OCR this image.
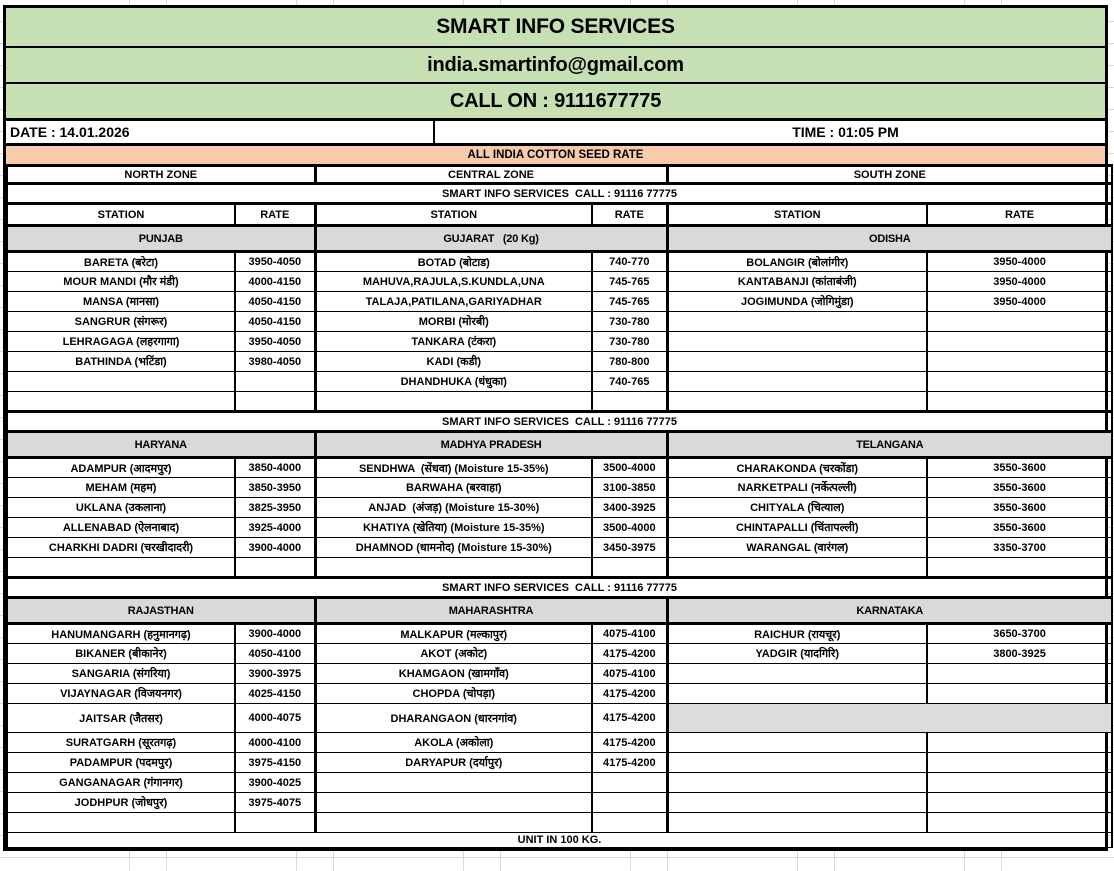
SMART INFO SERVICES
india.smartinfo@gmail.com
CALL ON : 9111677775
DATE : 14.01.2026	TIME : 01:05 PM
ALL INDIA COTTON SEED RATE
NORTH ZONE		CENTRAL ZONE		SOUTH ZONE	
SMART INFO SERVICES  CALL : 91116 77775					
STATION	RATE	STATION	RATE	STATION	RATE
PUNJAB		GUJARAT   (20 Kg)		ODISHA	
BARETA (बरेटा)	3950-4050	BOTAD (बोटाड)	740-770	BOLANGIR (बोलांगीर)	3950-4000
MOUR MANDI (मौर मंडी)	4000-4150	MAHUVA,RAJULA,S.KUNDLA,UNA	745-765	KANTABANJI (कांताबंजी)	3950-4000
MANSA (मानसा)	4050-4150	TALAJA,PATILANA,GARIYADHAR	745-765	JOGIMUNDA (जोगिमुंडा)	3950-4000
SANGRUR (संगरूर)	4050-4150	MORBI (मोरबी)	730-780		
LEHRAGAGA (लहरगागा)	3950-4050	TANKARA (टंकरा)	730-780		
BATHINDA (भटिंडा)	3980-4050	KADI (कडी)	780-800		
		DHANDHUKA (धंधुका)	740-765		

SMART INFO SERVICES  CALL : 91116 77775					
HARYANA		MADHYA PRADESH		TELANGANA	
ADAMPUR (आदमपुर)	3850-4000	SENDHWA  (सेंधवा) (Moisture 15-35%)	3500-4000	CHARAKONDA (चरकोंडा)	3550-3600
MEHAM (महम)	3850-3950	BARWAHA (बरवाहा)	3100-3850	NARKETPALI (नर्केत्पल्ली)	3550-3600
UKLANA (उकलाना)	3825-3950	ANJAD  (अंजड़) (Moisture 15-30%)	3400-3925	CHITYALA (चित्याल)	3550-3600
ALLENABAD (ऐलनाबाद)	3925-4000	KHATIYA (खेतिया) (Moisture 15-35%)	3500-4000	CHINTAPALLI (चिंतापल्ली)	3550-3600
CHARKHI DADRI (चरखीदादरी)	3900-4000	DHAMNOD (धामनोद) (Moisture 15-30%)	3450-3975	WARANGAL (वारंगल)	3350-3700

SMART INFO SERVICES  CALL : 91116 77775					
RAJASTHAN		MAHARASHTRA		KARNATAKA	
HANUMANGARH (हनुमानगढ़)	3900-4000	MALKAPUR (मल्कापुर)	4075-4100	RAICHUR (रायचूर)	3650-3700
BIKANER (बीकानेर)	4050-4100	AKOT (अकोट)	4175-4200	YADGIR (यादगिरि)	3800-3925
SANGARIA (संगरिया)	3900-3975	KHAMGAON (खामगाँव)	4075-4100		
VIJAYNAGAR (विजयनगर)	4025-4150	CHOPDA (चोपड़ा)	4175-4200		
JAITSAR (जैतसर)	4000-4075	DHARANGAON (धारनगांव)	4175-4200		
SURATGARH (सूरतगढ़)	4000-4100	AKOLA (अकोला)	4175-4200		
PADAMPUR (पदमपुर)	3975-4150	DARYAPUR (दर्यापुर)	4175-4200		
GANGANAGAR (गंगानगर)	3900-4025				
JODHPUR (जोधपुर)	3975-4075				

UNIT IN 100 KG.					
